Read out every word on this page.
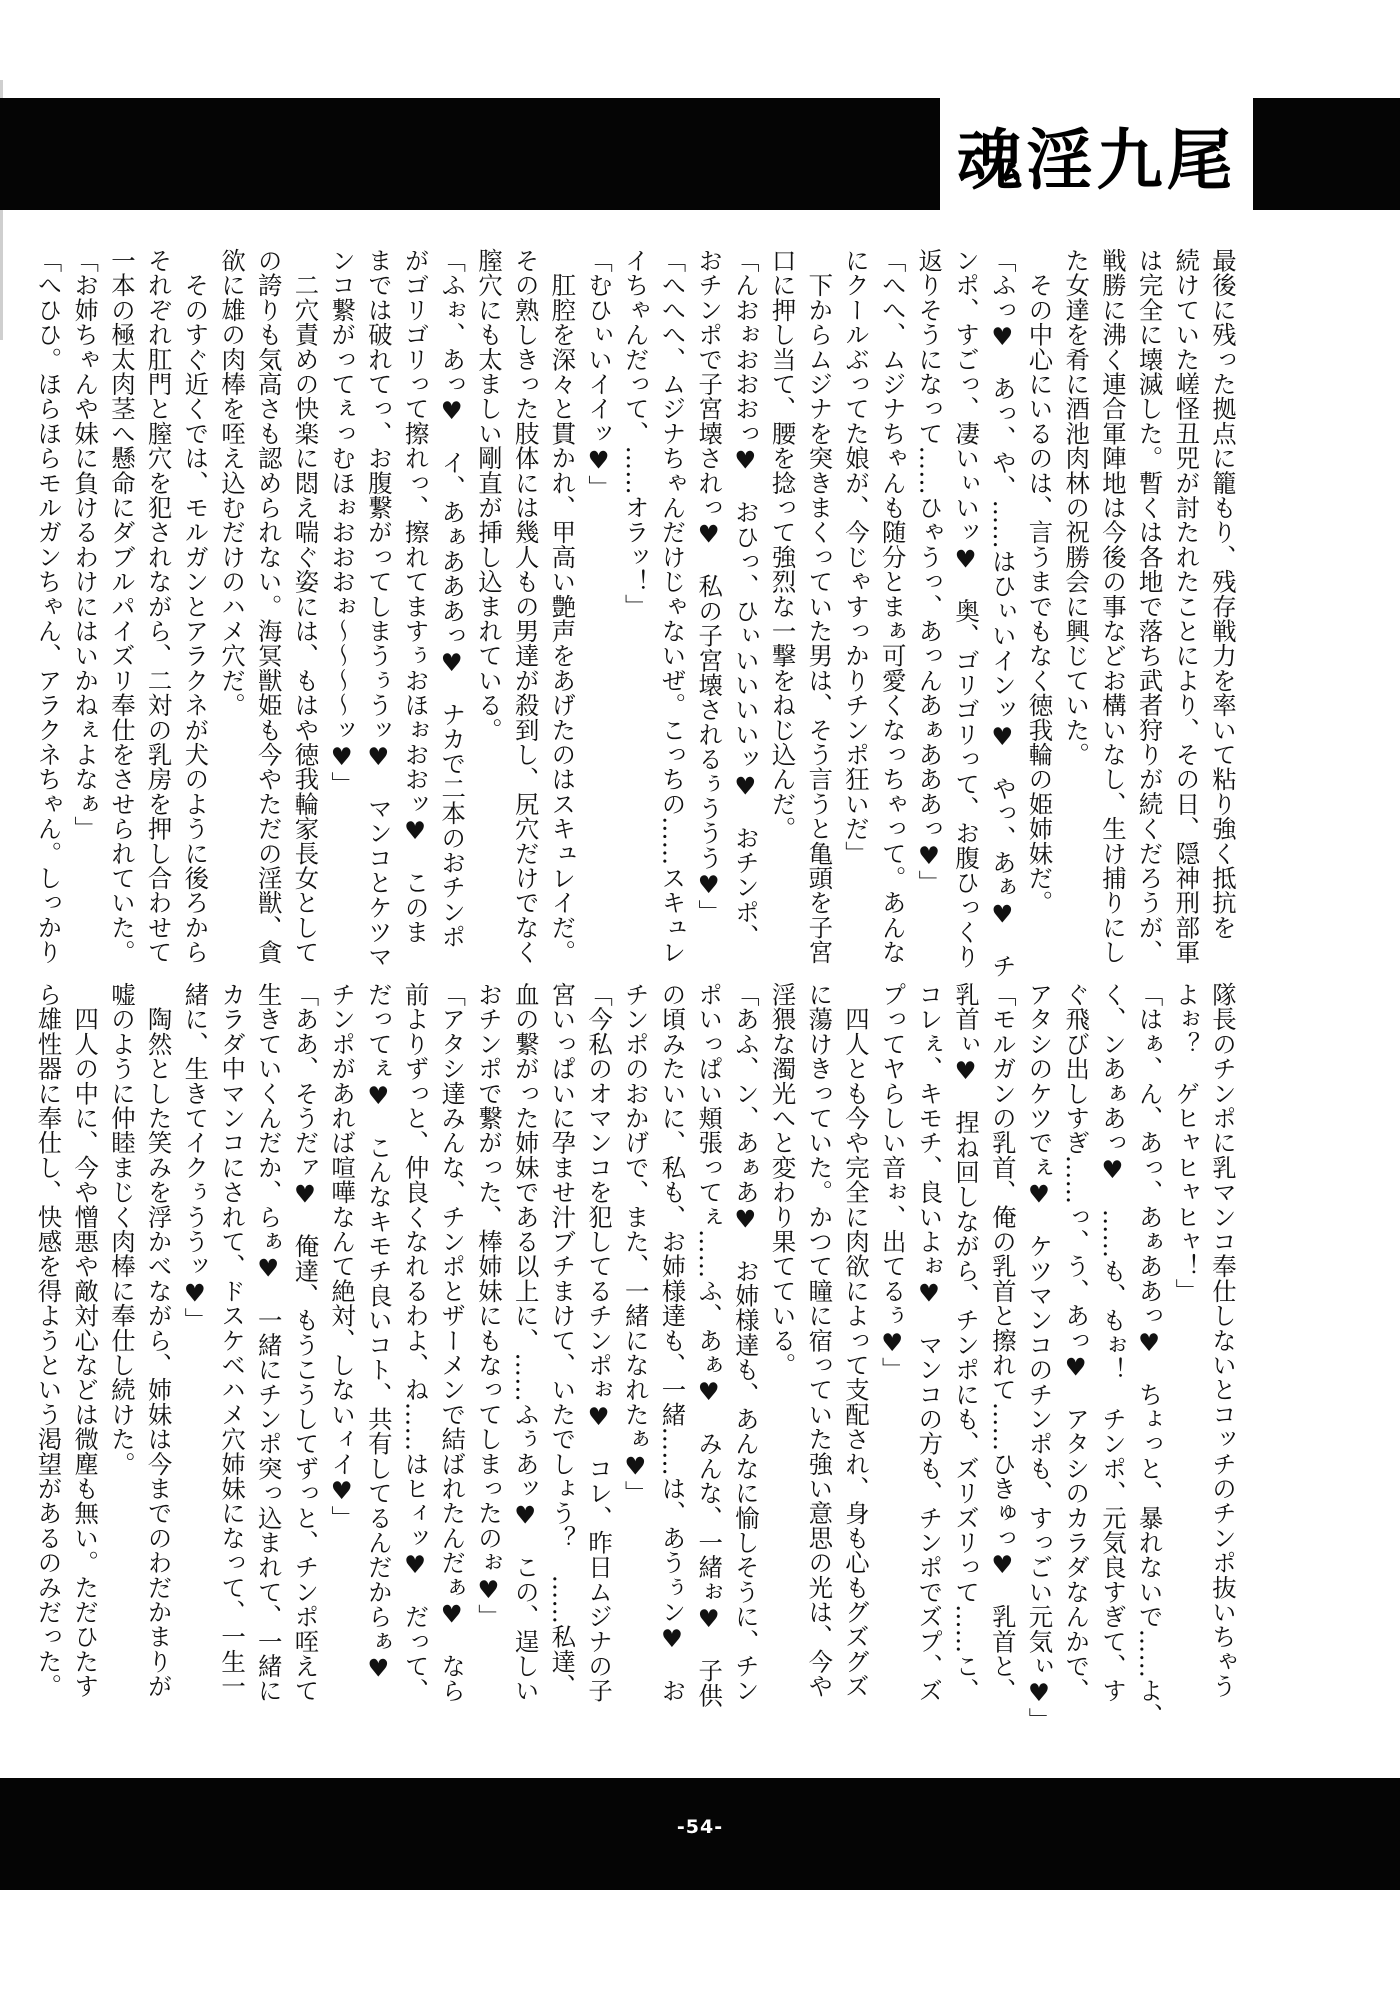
魂淫九尾
最後に残った拠点に籠もり、残存戦力を率いて粘り強く抵抗を
続けていた嵯怪丑兕が討たれたことにより、その日、隠神刑部軍
は完全に壊滅した。暫くは各地で落ち武者狩りが続くだろうが、
戦勝に沸く連合軍陣地は今後の事などお構いなし、生け捕りにし
た女達を肴に酒池肉林の祝勝会に興じていた。
　その中心にいるのは、言うまでもなく徳我輪の姫姉妹だ。
「ふっ♥　あっ、や、……はひぃいインッ♥　やっ、あぁ♥　チ
ンポ、すごっ、凄いぃいッ♥　奥、ゴリゴリって、お腹ひっくり
返りそうになって……ひゃうっ、あっんあぁあああっ♥」
「へへ、ムジナちゃんも随分とまぁ可愛くなっちゃって。あんな
にクールぶってた娘が、今じゃすっかりチンポ狂いだ」
　下からムジナを突きまくっていた男は、そう言うと亀頭を子宮
口に押し当て、腰を捻って強烈な一撃をねじ込んだ。
「んおぉおおおっ♥　おひっ、ひぃいいいいッ♥　おチンポ、
おチンポで子宮壊されっ♥　私の子宮壊されるぅううう♥」
「へへへ、ムジナちゃんだけじゃないぜ。こっちの……スキュレ
イちゃんだって、……オラッ！」
「むひぃいイイッ♥」
　肛腔を深々と貫かれ、甲高い艶声をあげたのはスキュレイだ。
その熟しきった肢体には幾人もの男達が殺到し、尻穴だけでなく
膣穴にも太ましい剛直が挿し込まれている。
「ふぉ、あっ♥　イ、あぁあああっ♥　ナカで二本のおチンポ
がゴリゴリって擦れっ、擦れてますぅおほぉおおッ♥　このま
までは破れてっ、お腹繋がってしまうぅうッ♥　マンコとケツマ
ンコ繋がってぇっむほぉおおおぉ～～～～ッ♥」
　二穴責めの快楽に悶え喘ぐ姿には、もはや徳我輪家長女として
の誇りも気高さも認められない。海冥獣姫も今やただの淫獣、貪
欲に雄の肉棒を咥え込むだけのハメ穴だ。
　そのすぐ近くでは、モルガンとアラクネが犬のように後ろから
それぞれ肛門と膣穴を犯されながら、二対の乳房を押し合わせて
一本の極太肉茎へ懸命にダブルパイズリ奉仕をさせられていた。
「お姉ちゃんや妹に負けるわけにはいかねぇよなぁ」
「へひひ。ほらほらモルガンちゃん、アラクネちゃん。しっかり
隊長のチンポに乳マンコ奉仕しないとコッチのチンポ抜いちゃう
よぉ？　ゲヒャヒャヒャ！」
「はぁ、ん、あっ、あぁああっ♥　ちょっと、暴れないで……よ、
く、ンあぁあっ♥　……も、もぉ！　チンポ、元気良すぎて、す
ぐ飛び出しすぎ……っ、う、あっ♥　アタシのカラダなんかで、
アタシのケツでぇ♥　ケツマンコのチンポも、すっごい元気ぃ♥」
「モルガンの乳首、俺の乳首と擦れて……ひきゅっ♥　乳首と、
乳首ぃ♥　捏ね回しながら、チンポにも、ズリズリって……こ、
コレぇ、キモチ、良いよぉ♥　マンコの方も、チンポでズプ、ズ
プってヤらしい音ぉ、出てるぅ♥」
　四人とも今や完全に肉欲によって支配され、身も心もグズグズ
に蕩けきっていた。かつて瞳に宿っていた強い意思の光は、今や
淫猥な濁光へと変わり果てている。
「あふ、ン、あぁあ♥　お姉様達も、あんなに愉しそうに、チン
ポいっぱい頬張ってぇ……ふ、あぁ♥　みんな、一緒ぉ♥　子供
の頃みたいに、私も、お姉様達も、一緒……は、あうぅン♥　お
チンポのおかげで、また、一緒になれたぁ♥」
「今私のオマンコを犯してるチンポぉ♥　コレ、昨日ムジナの子
宮いっぱいに孕ませ汁ブチまけて、いたでしょう？　……私達、
血の繋がった姉妹である以上に、……ふぅあッ♥　この、逞しい
おチンポで繋がった、棒姉妹にもなってしまったのぉ♥」
「アタシ達みんな、チンポとザーメンで結ばれたんだぁ♥　なら
前よりずっと、仲良くなれるわよ、ね……はヒィッ♥　だって、
だってぇ♥　こんなキモチ良いコト、共有してるんだからぁ♥
チンポがあれば喧嘩なんて絶対、しないィイ♥」
「ああ、そうだァ♥　俺達、もうこうしてずっと、チンポ咥えて
生きていくんだか、らぁ♥　一緒にチンポ突っ込まれて、一緒に
カラダ中マンコにされて、ドスケベハメ穴姉妹になって、一生一
緒に、生きてイクぅううッ♥」
　陶然とした笑みを浮かべながら、姉妹は今までのわだかまりが
嘘のように仲睦まじく肉棒に奉仕し続けた。
　四人の中に、今や憎悪や敵対心などは微塵も無い。ただひたす
ら雄性器に奉仕し、快感を得ようという渇望があるのみだった。
-54-
